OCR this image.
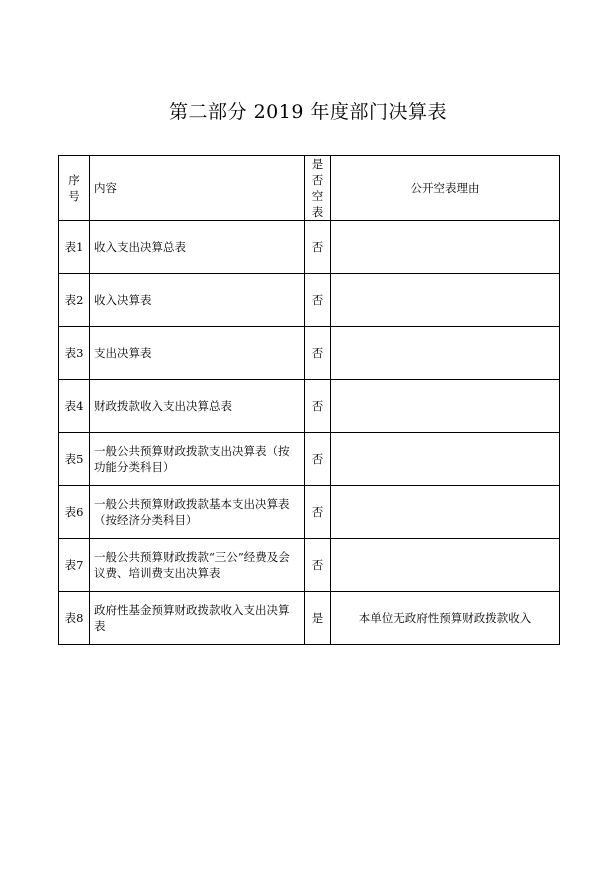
第二部分 2019 年度部门决算表
序号	内容	是否空表	公开空表理由
表1	收入支出决算总表	否	
表2	收入决算表	否	
表3	支出决算表	否	
表4	财政拨款收入支出决算总表	否	
表5	一般公共预算财政拨款支出决算表（按功能分类科目）	否	
表6	一般公共预算财政拨款基本支出决算表（按经济分类科目）	否	
表7	一般公共预算财政拨款“三公”经费及会议费、培训费支出决算表	否	
表8	政府性基金预算财政拨款收入支出决算表	是	本单位无政府性预算财政拨款收入
